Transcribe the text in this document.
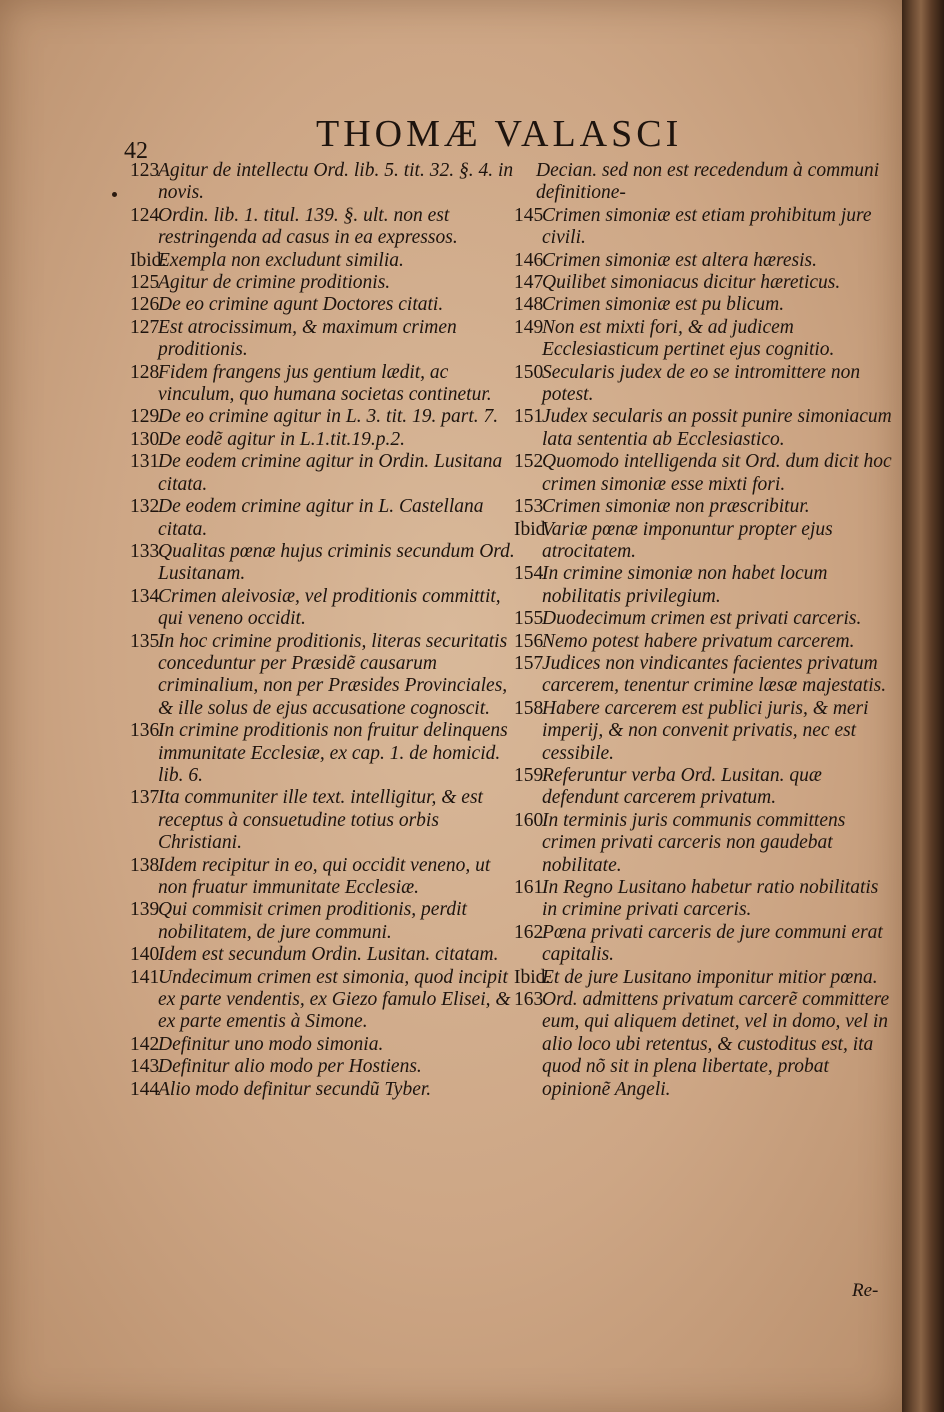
42	THOMÆ VALASCI
123
Agitur de intellectu Ord. lib. 5. tit. 32. §. 4. in novis.
124
Ordin. lib. 1. titul. 139. §. ult. non est restringenda ad casus in ea expressos.
Ibid.
Exempla non excludunt similia.
125
Agitur de crimine proditionis.
126
De eo crimine agunt Doctores citati.
127
Est atrocissimum, & maximum crimen proditionis.
128
Fidem frangens jus gentium lædit, ac vinculum, quo humana societas continetur.
129
De eo crimine agitur in L. 3. tit. 19. part. 7.
130
De eodẽ agitur in L.1.tit.19.p.2.
131
De eodem crimine agitur in Ordin. Lusitana citata.
132
De eodem crimine agitur in L. Castellana citata.
133
Qualitas pœnæ hujus criminis secundum Ord. Lusitanam.
134
Crimen aleivosiæ, vel proditionis committit, qui veneno occidit.
135
In hoc crimine proditionis, literas securitatis conceduntur per Præsidẽ causarum criminalium, non per Præsides Provinciales, & ille solus de ejus accusatione cognoscit.
136
In crimine proditionis non fruitur delinquens immunitate Ecclesiæ, ex cap. 1. de homicid. lib. 6.
137
Ita communiter ille text. intelligitur, & est receptus à consuetudine totius orbis Christiani.
138
Idem recipitur in eo, qui occidit veneno, ut non fruatur immunitate Ecclesiæ.
139
Qui commisit crimen proditionis, perdit nobilitatem, de jure communi.
140
Idem est secundum Ordin. Lusitan. citatam.
141
Undecimum crimen est simonia, quod incipit ex parte vendentis, ex Giezo famulo Elisei, & ex parte ementis à Simone.
142
Definitur uno modo simonia.
143
Definitur alio modo per Hostiens.
144
Alio modo definitur secundũ Tyber.
Decian. sed non est recedendum à communi definitione-
145
Crimen simoniæ est etiam prohibitum jure civili.
146
Crimen simoniæ est altera hæresis.
147
Quilibet simoniacus dicitur hæreticus.
148
Crimen simoniæ est pu blicum.
149
Non est mixti fori, & ad judicem Ecclesiasticum pertinet ejus cognitio.
150
Secularis judex de eo se intromittere non potest.
151
Judex secularis an possit punire simoniacum lata sententia ab Ecclesiastico.
152
Quomodo intelligenda sit Ord. dum dicit hoc crimen simoniæ esse mixti fori.
153
Crimen simoniæ non præscribitur.
Ibid.
Variæ pœnæ imponuntur propter ejus atrocitatem.
154
In crimine simoniæ non habet locum nobilitatis privilegium.
155
Duodecimum crimen est privati carceris.
156
Nemo potest habere privatum carcerem.
157
Judices non vindicantes facientes privatum carcerem, tenentur crimine læsæ majestatis.
158
Habere carcerem est publici juris, & meri imperij, & non convenit privatis, nec est cessibile.
159
Referuntur verba Ord. Lusitan. quæ defendunt carcerem privatum.
160
In terminis juris communis committens crimen privati carceris non gaudebat nobilitate.
161
In Regno Lusitano habetur ratio nobilitatis in crimine privati carceris.
162
Pœna privati carceris de jure communi erat capitalis.
Ibid.
Et de jure Lusitano imponitur mitior pœna.
163
Ord. admittens privatum carcerẽ committere eum, qui aliquem detinet, vel in domo, vel in alio loco ubi retentus, & custoditus est, ita quod nõ sit in plena libertate, probat opinionẽ Angeli.
Re-
